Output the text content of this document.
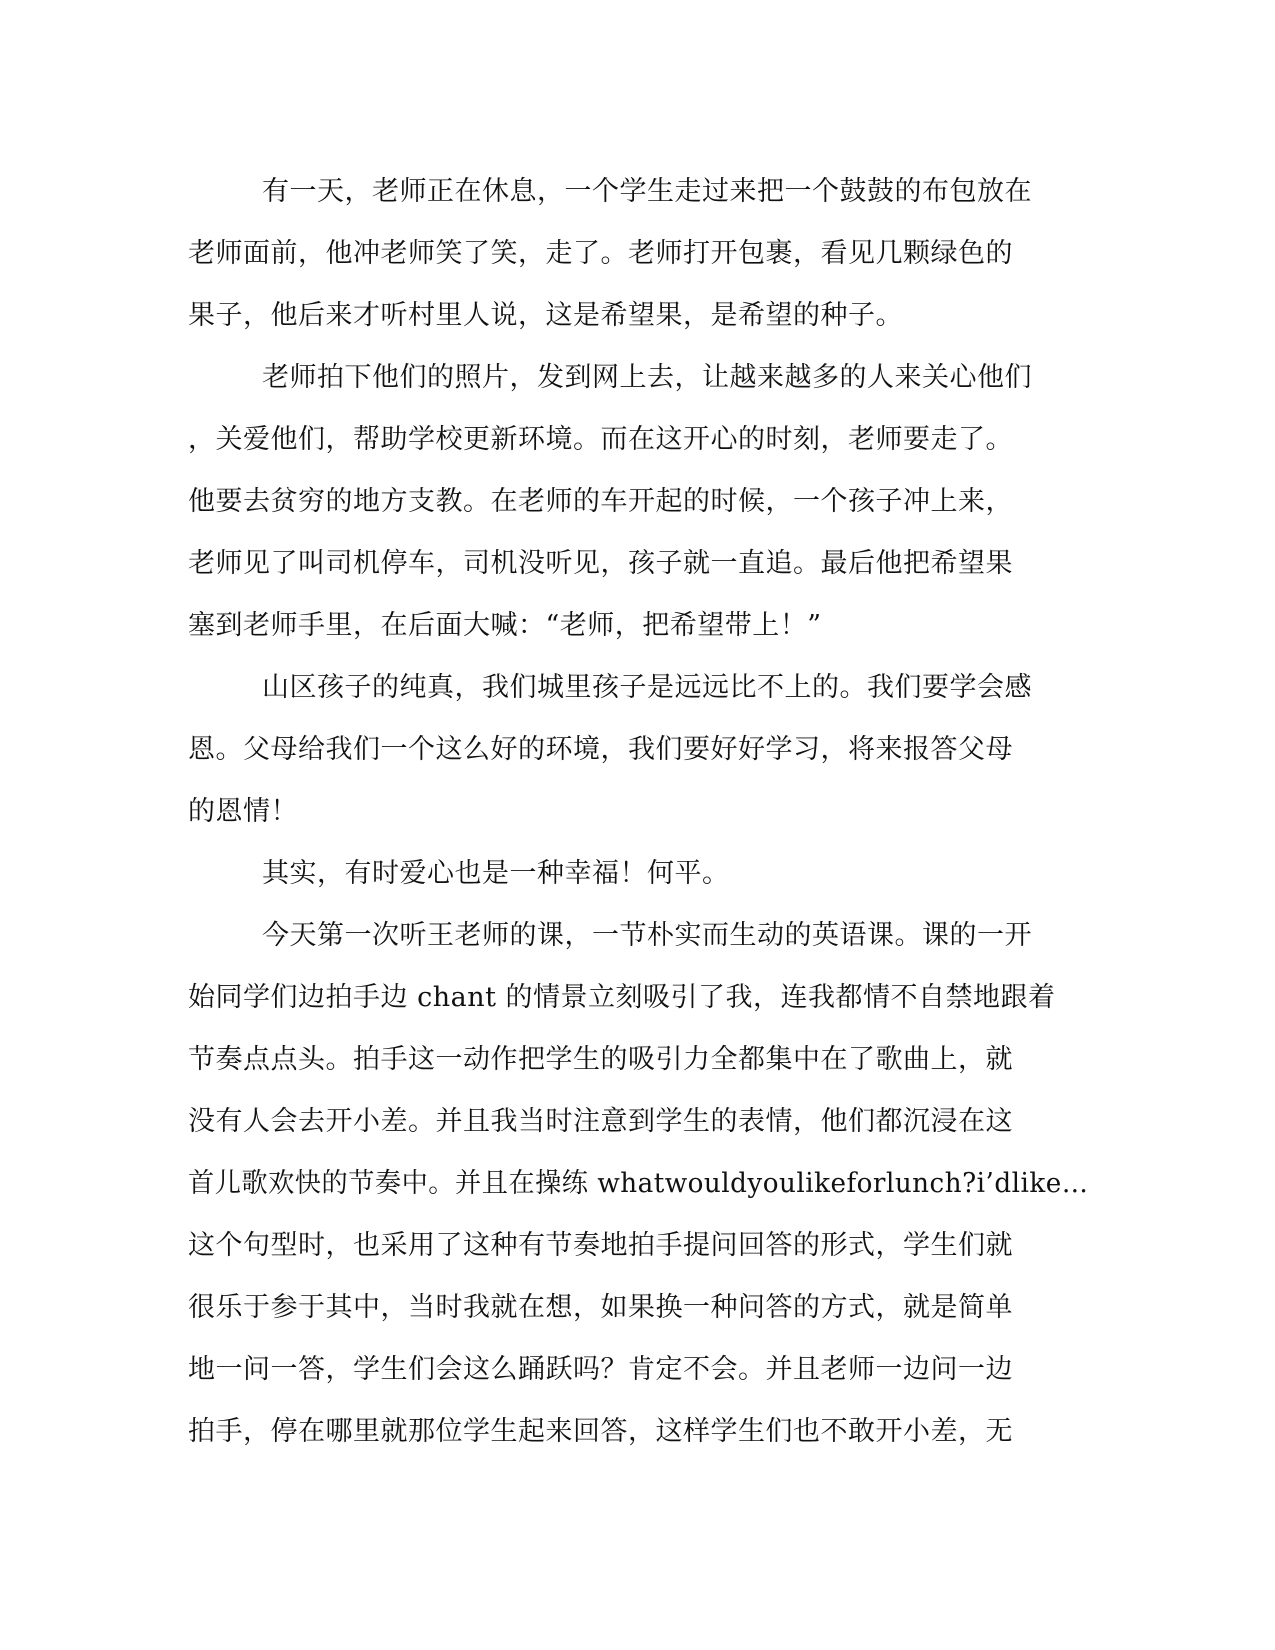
有一天，老师正在休息，一个学生走过来把一个鼓鼓的布包放在
老师面前，他冲老师笑了笑，走了。老师打开包裹，看见几颗绿色的
果子，他后来才听村里人说，这是希望果，是希望的种子。
老师拍下他们的照片，发到网上去，让越来越多的人来关心他们
，关爱他们，帮助学校更新环境。而在这开心的时刻，老师要走了。
他要去贫穷的地方支教。在老师的车开起的时候，一个孩子冲上来，
老师见了叫司机停车，司机没听见，孩子就一直追。最后他把希望果
塞到老师手里，在后面大喊：“老师，把希望带上！”
山区孩子的纯真，我们城里孩子是远远比不上的。我们要学会感
恩。父母给我们一个这么好的环境，我们要好好学习，将来报答父母
的恩情！
其实，有时爱心也是一种幸福！何平。
今天第一次听王老师的课，一节朴实而生动的英语课。课的一开
始同学们边拍手边 chant 的情景立刻吸引了我，连我都情不自禁地跟着
节奏点点头。拍手这一动作把学生的吸引力全都集中在了歌曲上，就
没有人会去开小差。并且我当时注意到学生的表情，他们都沉浸在这
首儿歌欢快的节奏中。并且在操练 whatwouldyoulikeforlunch?i’dlike…
这个句型时，也采用了这种有节奏地拍手提问回答的形式，学生们就
很乐于参于其中，当时我就在想，如果换一种问答的方式，就是简单
地一问一答，学生们会这么踊跃吗？肯定不会。并且老师一边问一边
拍手，停在哪里就那位学生起来回答，这样学生们也不敢开小差，无
